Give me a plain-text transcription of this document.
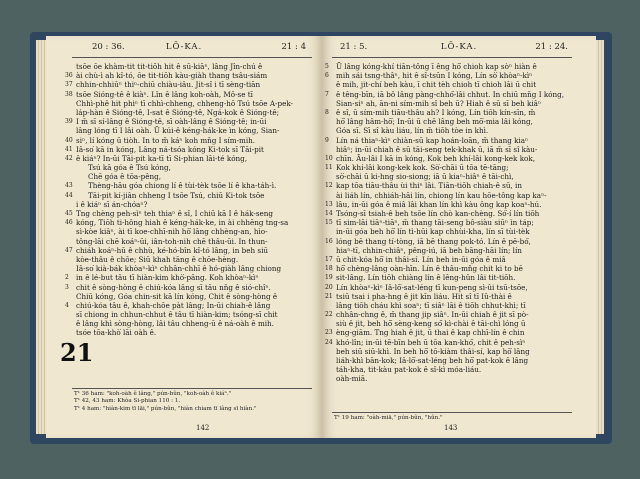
20 : 36.	LŌ-KA.	21 : 4
tsōe ōe khàm-tit tit-tiōh hit ê sū-kiāⁿ, lâng Jîn-chú ê
36 ài chù-ì ah kî-tó, ōe tit-tiōh kàu-giàh thang tsâu-siám
37 chhin-chhiūⁿ thiⁿ-chiū chiàu-iâu. Jit-sî i tī sèng-tiān
38 tsōe Sióng-tê ê kiàⁿ. Lîn ê lâng koh-oàh, Mô-se tī
Chhì-phê hit phiⁿ tī chhì-chheng, chheng-hō Tsú tsōe A-pek-
láp-hàn ê Sióng-tê, I-sat ê Sióng-tê, Ngá-kok ê Sióng-tê;
39 I m̄ sī sí-lâng ê Sióng-tê, sī oàh-lâng ê Sióng-tê; in-ūi
lâng lóng tī I lâi oàh. Ū kúi-ê kéng-hák-ke ìn kóng, Sian-
40 siⁿ, lí kóng ū tiòh. In to m̄ káⁿ koh mn̄g I sím-mih.
41 Iâ-so͘ kā in kóng, Lâng ná-tsóa kóng Ki-tok sī Tāi-pit
42 ê kiáⁿ? In-ūi Tāi-pit ka-tī tī Si-phian lāi-té kóng,
Tsú kā góa ê Tsú kóng,
Chē góa ê tōa-pêng,
43 Thèng-hāu góa chiong lí ê tùi-tèk tsōe lí ê kha-táh-ì.
44 Tāi-pit kí-jiân chheng I tsōe Tsú, chiū Ki-tok tsōe
i ê kiáⁿ sī án-chóaⁿ?
45 Tng chèng peh-sìⁿ teh thiaⁿ ê sî, I chiū kā I ê hák-seng
46 kóng, Tiōh ti-hông hiah ê kéng-hák-ke, in ài chhēng tng-sa
sì-kòe kiâⁿ, ài tī koe-chhī-nih hō͘ lâng chhèng-an, hìo-
tông-lāi chē koáⁿ-ūi, iân-toh-nih chē thâu-ūi. In thun-
47 chiáh koáⁿ-hū ê chhù, ké-hó-bîn kî-tó lâng, in beh siū
kòe-thâu ê chōe; Siū khah tāng ê chōe-hèng.
Iâ-so͘ kià-bák khòaⁿ-kìⁿ chhân-chhī ê hó-giàh lâng chiong
2 in ê lé-but tâu tī hiàn-kim khò͘-pâng. Koh khòaⁿ-kìⁿ
3 chit ê sòng-hòng ê chiú-kóa lâng sī tâu nn̄g ê sió-chîⁿ.
Chiū kóng, Góa chin-sit kā lín kóng, Chit ê sòng-hòng ê
4 chiú-kóa tâu ê, khah-chōe pàt lâng; In-ūi chiah-ê lâng
sī chiong in chhun-chhut ê tâu tī hiàn-kim; tsóng-sī chit
ê lâng khì sòng-hòng, lâi tâu chheng-ū ê ná-oàh ê mih.
tsóe tōa-khò͘ lāi oàh ê.
21
T¹ 36 ham: "koh-oàh ê lâng," pún-bûn, "koh-oàh ê kiáⁿ."
T¹ 42, 43 ham: Khòa Si-phian 110 : 1.
T¹ 4 ham: "hiàn-kim tī lāi," pún-bûn, "hiàn chiam tī lâng sī hiàn."
142
21 : 5.	LŌ-KA.	21 : 24.
5 Ū lâng kóng-khí tiān-tông ī êng hō͘ chioh kap sòⁿ hiàn ê
6 mih sái tsng-thâⁿ, hit ê sî-tsūn I kóng, Lín sò͘ khòaⁿ-kìⁿ
ê mih, jit-chí beh kàu, ī chit tèh chioh tī chioh lāi ū chit
7 ê têng-bīn, iā bô lâng pàng-chhó͘-lâi chhut. In chiū mn̄g I kóng,
Sian-siⁿ ah, ān-ni sím-mih sî beh ū? Hiah ê sū sī beh kiâⁿ
8 ê sî, ū sím-mih tiāu-thâu ah? I kóng, Lín tiōh kín-sīn, m̄
hō͘ lâng hâm-hō͘; In-ūi ū chē lâng beh mō͘-mia lâi kóng,
Góa sī. Sī sî kàu liáu, lín m̄ tiōh tòe in khì.
9 Lín ná thiaⁿ-kìⁿ chiàn-sū kap hoán-loān, m̄ thang kiaⁿ
hiâⁿ; in-ūi chiah ê sū tāi-seng tek-khak ū, iā m̄ sī sî kàu-
10 chīn. Āu-lâi I kā in kóng, Kok beh khí-lâi kong-kek kok,
11 Kok khí-lâi kong-kek kok. Sò͘-chāi ū tōa tē-tāng;
sò͘-chāi ū ki-hng sio-siong; iā ū kiaⁿ-hiâⁿ ê tāi-chì,
12 kap tōa tiāu-thâu ùi thiⁿ lâi. Tiān-tiōh chiah-ê sū, in
ài liáh lín, chhiáh-hāi lín, chiong lín kau hōe-tông kap kaⁿ-
13 lâu, in-ūi góa ê miâ lâi khan lín khì kàu ông kap koaⁿ-hú.
14 Tsóng-sī tsiah-ê beh tsōe lín chò kan-chèng. Só͘-í lín tiōh
15 tī sim-lāi tiāⁿ-tiāⁿ, m̄ thang tāi-seng bô-siàu siūⁿ ìn táp;
in-ūi góa beh hō͘ lín tì-hūi kap chhùi-kha, lín sī tùi-tèk
16 lóng bē thang tí-tòng, iā bē thang pok-tó. Lín ê pē-bó͘,
hiaⁿ-tī, chhin-chiâⁿ, pêng-iú, iā beh bāng-hāi lín; lín
17 ū chit-kóa hō͘ in thâi-sí. Lín beh in-ūi góa ê miâ
18 hō͘ chèng-lâng oàn-hīn. Lín ê thâu-mn̂g chit ki to bē
19 sit-lâng. Lín tiōh chiàng lín ê lêng-hûn lâi tit-tiōh.
20 Lín khòaⁿ-kìⁿ Iâ-lō͘-sat-léng tī kun-peng sì-ûi tsū-tsōe,
21 tsiū tsai i pha-hng ê jit kīn liáu. Hit sî tī Iû-thài ê
lâng tiōh cháu khì soaⁿ; tī siâⁿ lāi ê tiōh chhut-khì; tī
22 chhân-chng ê, m̄ thang jip siâⁿ. In-ūi chiah ê jit sī pò-
siù ê jit, beh hō͘ sèng-keng só͘ kì-chài ê tāi-chì lóng ū
23 èng-giām. Tng hiah ê jit, ū thai ê kap chhī-lín ê chin
24 khó-lîn; in-ūi tē-bīn beh ū tōa kan-khó͘, chit ê peh-sìⁿ
beh siū siū-khì. In beh hō͘ tō-kiàm thâi-sí, kap hō͘ lâng
liáh-khì bān-kok; Iâ-lō͘-sat-léng beh hō͘ pat-kok ê lâng
táh-kha, tit-kàu pat-kok ê sî-kì móa-liáu.
oàh-miā.
T¹ 19 ham: "oàh-miā," pún-bûn, "hûn."
143
